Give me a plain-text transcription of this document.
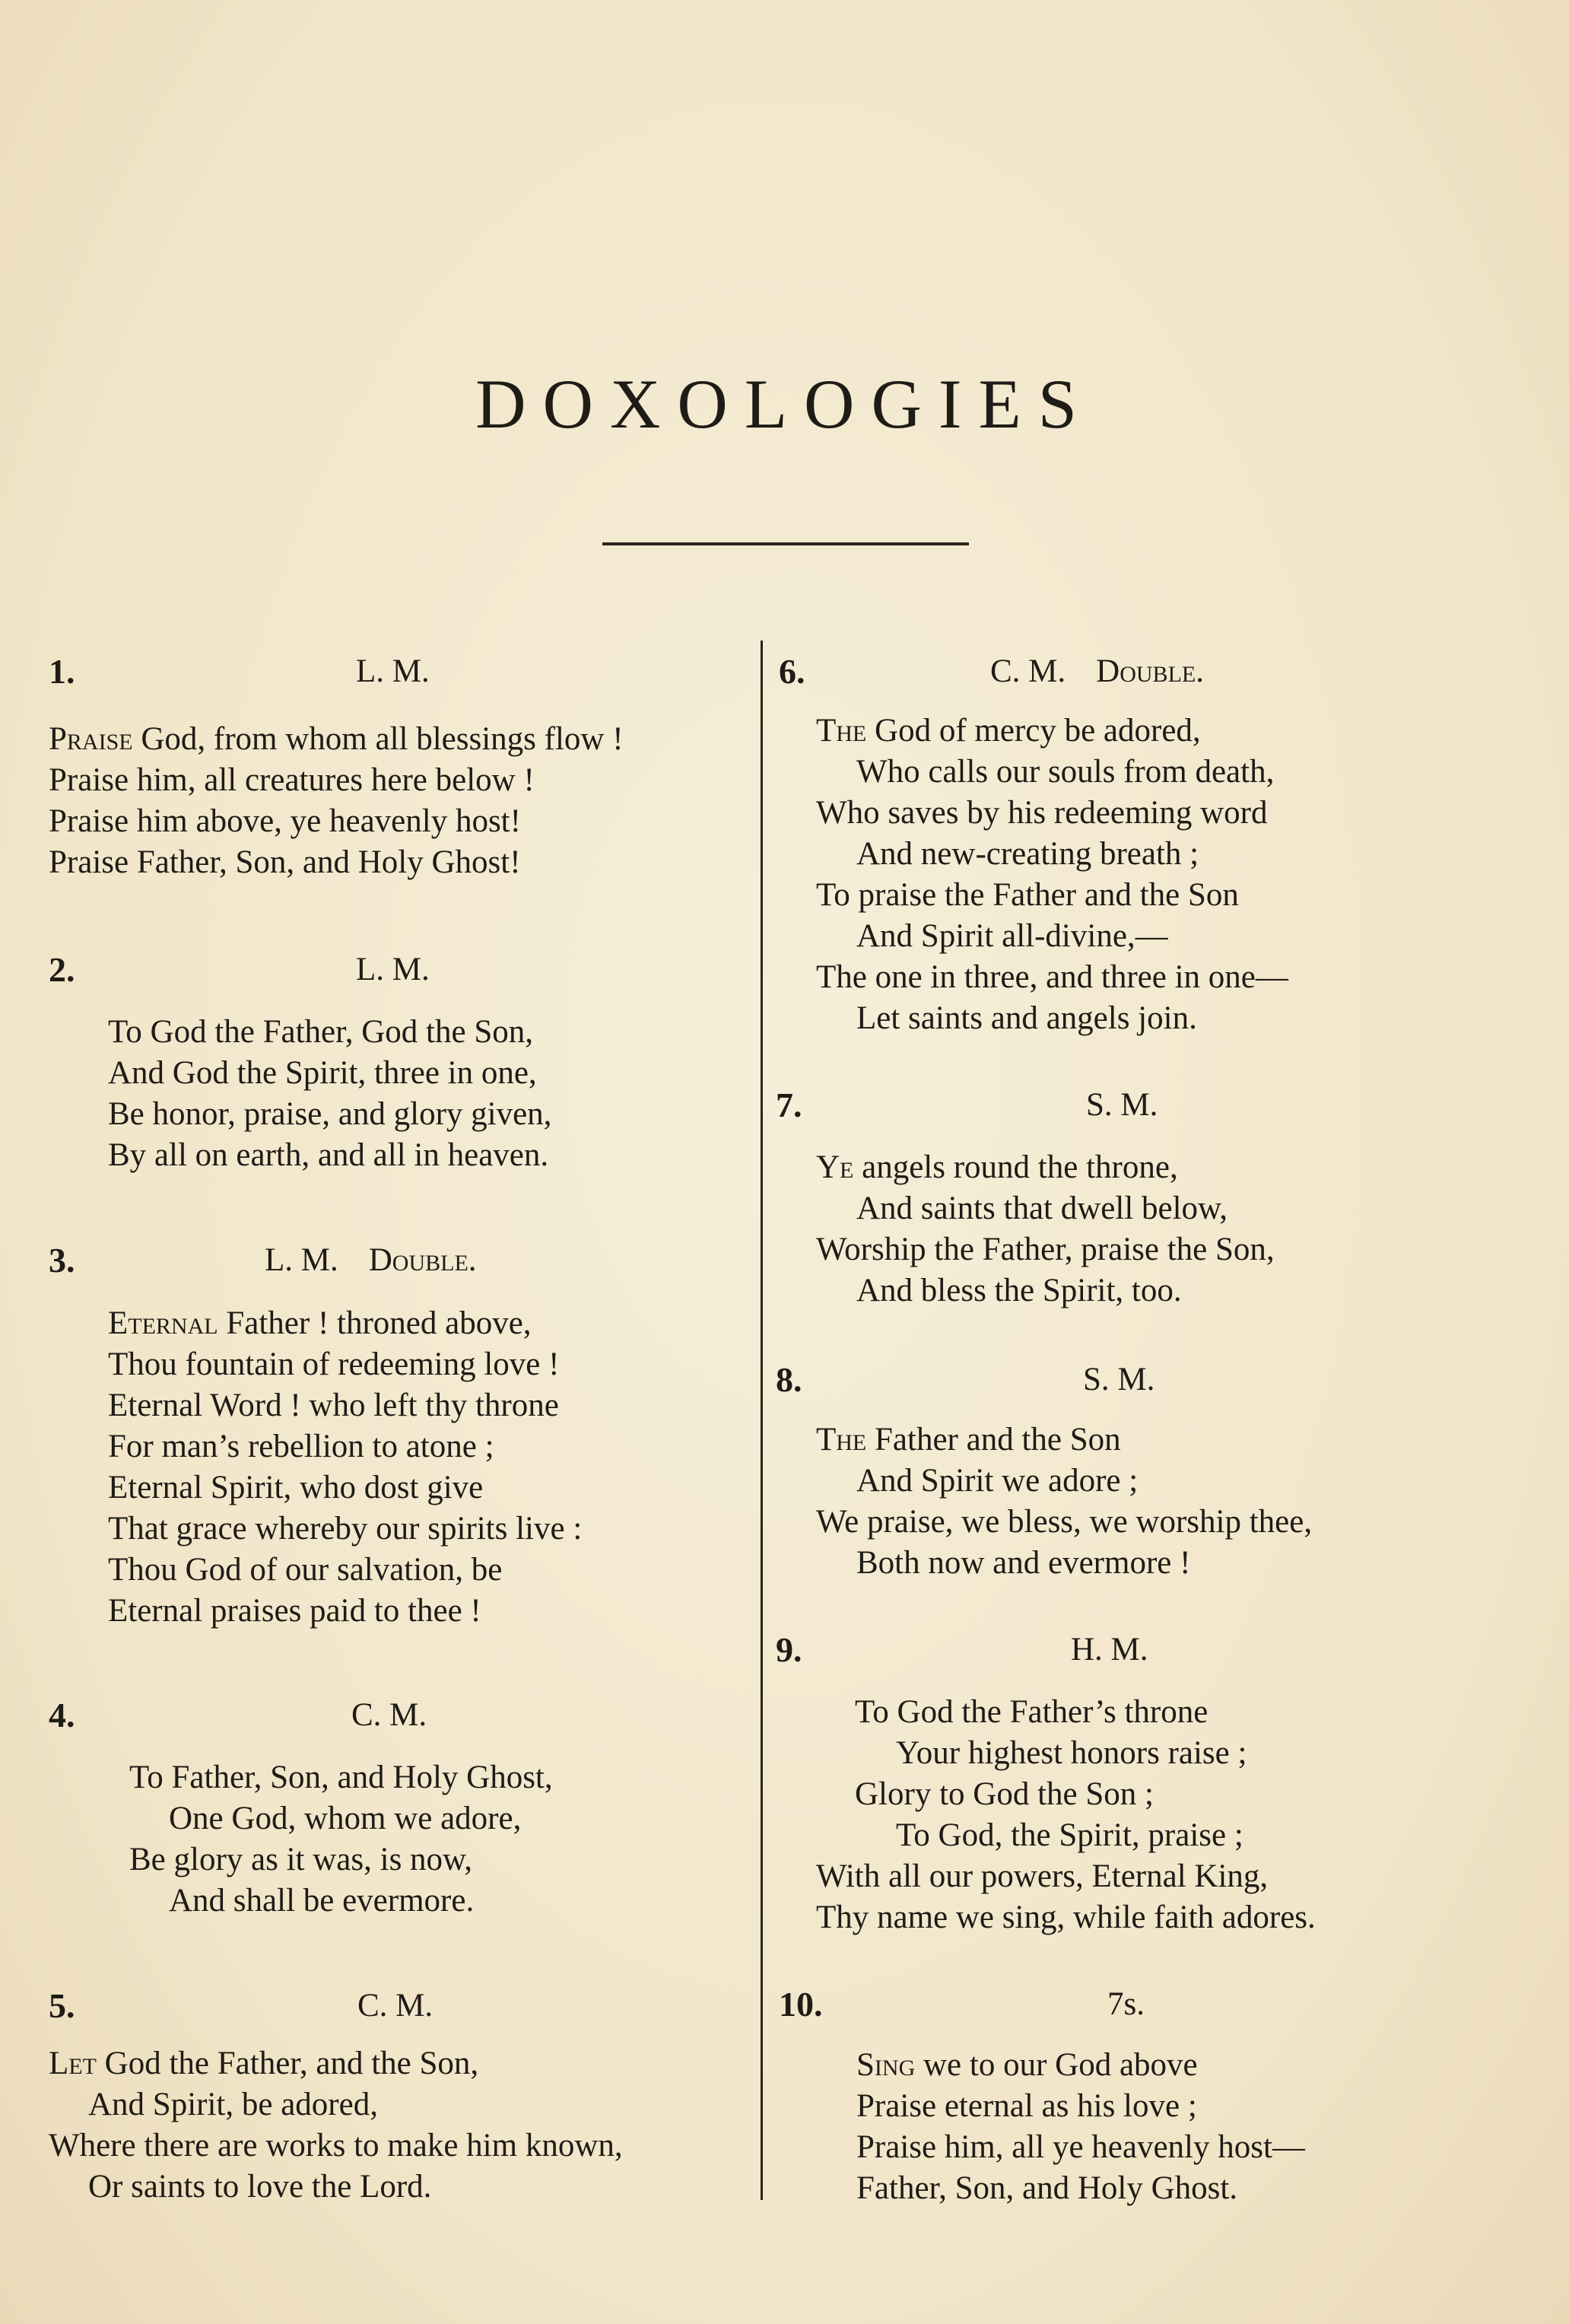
DOXOLOGIES
1.	L. M.
Praise God, from whom all blessings flow !
Praise him, all creatures here below !
Praise him above, ye heavenly host!
Praise Father, Son, and Holy Ghost!
2.	L. M.
To God the Father, God the Son,
And God the Spirit, three in one,
Be honor, praise, and glory given,
By all on earth, and all in heaven.
3.	L. M. Double.
Eternal Father ! throned above,
Thou fountain of redeeming love !
Eternal Word ! who left thy throne
For man’s rebellion to atone ;
Eternal Spirit, who dost give
That grace whereby our spirits live :
Thou God of our salvation, be
Eternal praises paid to thee !
4.	C. M.
To Father, Son, and Holy Ghost,
One God, whom we adore,
Be glory as it was, is now,
And shall be evermore.
5.	C. M.
Let God the Father, and the Son,
And Spirit, be adored,
Where there are works to make him known,
Or saints to love the Lord.
6.	C. M. Double.
The God of mercy be adored,
Who calls our souls from death,
Who saves by his redeeming word
And new-creating breath ;
To praise the Father and the Son
And Spirit all-divine,—
The one in three, and three in one—
Let saints and angels join.
7.	S. M.
Ye angels round the throne,
And saints that dwell below,
Worship the Father, praise the Son,
And bless the Spirit, too.
8.	S. M.
The Father and the Son
And Spirit we adore ;
We praise, we bless, we worship thee,
Both now and evermore !
9.	H. M.
To God the Father’s throne
Your highest honors raise ;
Glory to God the Son ;
To God, the Spirit, praise ;
With all our powers, Eternal King,
Thy name we sing, while faith adores.
10.	7s.
Sing we to our God above
Praise eternal as his love ;
Praise him, all ye heavenly host—
Father, Son, and Holy Ghost.
